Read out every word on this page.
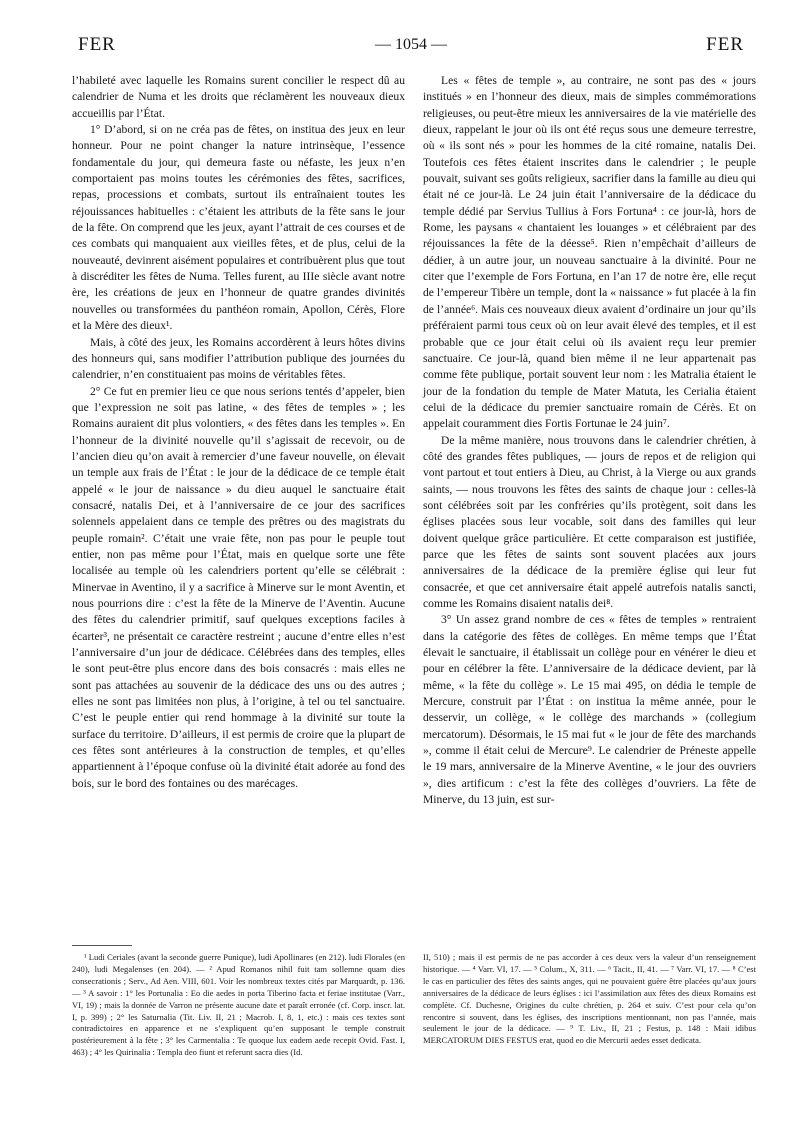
FER	— 1054 —	FER

l’habileté avec laquelle les Romains surent concilier le respect dû au calendrier de Numa et les droits que réclamèrent les nouveaux dieux accueillis par l’État.

1° D’abord, si on ne créa pas de fêtes, on institua des jeux en leur honneur. Pour ne point changer la nature intrinsèque, l’essence fondamentale du jour, qui demeura faste ou néfaste, les jeux n’en comportaient pas moins toutes les cérémonies des fêtes, sacrifices, repas, processions et combats, surtout ils entraînaient toutes les réjouissances habituelles : c’étaient les attributs de la fête sans le jour de la fête. On comprend que les jeux, ayant l’attrait de ces courses et de ces combats qui manquaient aux vieilles fêtes, et de plus, celui de la nouveauté, devinrent aisément populaires et contribuèrent plus que tout à discréditer les fêtes de Numa. Telles furent, au IIIe siècle avant notre ère, les créations de jeux en l’honneur de quatre grandes divinités nouvelles ou transformées du panthéon romain, Apollon, Cérès, Flore et la Mère des dieux¹.

Mais, à côté des jeux, les Romains accordèrent à leurs hôtes divins des honneurs qui, sans modifier l’attribution publique des journées du calendrier, n’en constituaient pas moins de véritables fêtes.

2° Ce fut en premier lieu ce que nous serions tentés d’appeler, bien que l’expression ne soit pas latine, « des fêtes de temples » ; les Romains auraient dit plus volontiers, « des fêtes dans les temples ». En l’honneur de la divinité nouvelle qu’il s’agissait de recevoir, ou de l’ancien dieu qu’on avait à remercier d’une faveur nouvelle, on élevait un temple aux frais de l’État : le jour de la dédicace de ce temple était appelé « le jour de naissance » du dieu auquel le sanctuaire était consacré, natalis Dei, et à l’anniversaire de ce jour des sacrifices solennels appelaient dans ce temple des prêtres ou des magistrats du peuple romain². C’était une vraie fête, non pas pour le peuple tout entier, non pas même pour l’État, mais en quelque sorte une fête localisée au temple où les calendriers portent qu’elle se célébrait : Minervae in Aventino, il y a sacrifice à Minerve sur le mont Aventin, et nous pourrions dire : c’est la fête de la Minerve de l’Aventin. Aucune des fêtes du calendrier primitif, sauf quelques exceptions faciles à écarter³, ne présentait ce caractère restreint ; aucune d’entre elles n’est l’anniversaire d’un jour de dédicace. Célébrées dans des temples, elles le sont peut-être plus encore dans des bois consacrés : mais elles ne sont pas attachées au souvenir de la dédicace des uns ou des autres ; elles ne sont pas limitées non plus, à l’origine, à tel ou tel sanctuaire. C’est le peuple entier qui rend hommage à la divinité sur toute la surface du territoire. D’ailleurs, il est permis de croire que la plupart de ces fêtes sont antérieures à la construction de temples, et qu’elles appartiennent à l’époque confuse où la divinité était adorée au fond des bois, sur le bord des fontaines ou des marécages.

Les « fêtes de temple », au contraire, ne sont pas des « jours institués » en l’honneur des dieux, mais de simples commémorations religieuses, ou peut-être mieux les anniversaires de la vie matérielle des dieux, rappelant le jour où ils ont été reçus sous une demeure terrestre, où « ils sont nés » pour les hommes de la cité romaine, natalis Dei. Toutefois ces fêtes étaient inscrites dans le calendrier ; le peuple pouvait, suivant ses goûts religieux, sacrifier dans la famille au dieu qui était né ce jour-là. Le 24 juin était l’anniversaire de la dédicace du temple dédié par Servius Tullius à Fors Fortuna⁴ : ce jour-là, hors de Rome, les paysans « chantaient les louanges » et célébraient par des réjouissances la fête de la déesse⁵. Rien n’empêchait d’ailleurs de dédier, à un autre jour, un nouveau sanctuaire à la divinité. Pour ne citer que l’exemple de Fors Fortuna, en l’an 17 de notre ère, elle reçut de l’empereur Tibère un temple, dont la « naissance » fut placée à la fin de l’année⁶. Mais ces nouveaux dieux avaient d’ordinaire un jour qu’ils préféraient parmi tous ceux où on leur avait élevé des temples, et il est probable que ce jour était celui où ils avaient reçu leur premier sanctuaire. Ce jour-là, quand bien même il ne leur appartenait pas comme fête publique, portait souvent leur nom : les Matralia étaient le jour de la fondation du temple de Mater Matuta, les Cerialia étaient celui de la dédicace du premier sanctuaire romain de Cérès. Et on appelait couramment dies Fortis Fortunae le 24 juin⁷.

De la même manière, nous trouvons dans le calendrier chrétien, à côté des grandes fêtes publiques, — jours de repos et de religion qui vont partout et tout entiers à Dieu, au Christ, à la Vierge ou aux grands saints, — nous trouvons les fêtes des saints de chaque jour : celles-là sont célébrées soit par les confréries qu’ils protègent, soit dans les églises placées sous leur vocable, soit dans des familles qui leur doivent quelque grâce particulière. Et cette comparaison est justifiée, parce que les fêtes de saints sont souvent placées aux jours anniversaires de la dédicace de la première église qui leur fut consacrée, et que cet anniversaire était appelé autrefois natalis sancti, comme les Romains disaient natalis dei⁸.

3° Un assez grand nombre de ces « fêtes de temples » rentraient dans la catégorie des fêtes de collèges. En même temps que l’État élevait le sanctuaire, il établissait un collège pour en vénérer le dieu et pour en célébrer la fête. L’anniversaire de la dédicace devient, par là même, « la fête du collège ». Le 15 mai 495, on dédia le temple de Mercure, construit par l’État : on institua la même année, pour le desservir, un collège, « le collège des marchands » (collegium mercatorum). Désormais, le 15 mai fut « le jour de fête des marchands », comme il était celui de Mercure⁹. Le calendrier de Préneste appelle le 19 mars, anniversaire de la Minerve Aventine, « le jour des ouvriers », dies artificum : c’est la fête des collèges d’ouvriers. La fête de Minerve, du 13 juin, est sur-

¹ Ludi Ceriales (avant la seconde guerre Punique), ludi Apollinares (en 212). ludi Florales (en 240), ludi Megalenses (en 204). — ² Apud Romanos nihil fuit tam sollemne quam dies consecrationis ; Serv., Ad Aen. VIII, 601. Voir les nombreux textes cités par Marquardt, p. 136. — ³ A savoir : 1° les Portunalia : Eo die aedes in porta Tiberino facta et feriae institutae (Varr., VI, 19) ; mais la donnée de Varron ne présente aucune date et paraît erronée (cf. Corp. inscr. lat. I, p. 399) ; 2° les Saturnalia (Tit. Liv. II, 21 ; Macrob. I, 8, 1, etc.) : mais ces textes sont contradictoires en apparence et ne s’expliquent qu’en supposant le temple construit postérieurement à la fête ; 3° les Carmentalia : Te quoque lux eadem aede recepit Ovid. Fast. I, 463) ; 4° les Quirinalia : Templa deo fiunt et referunt sacra dies (Id.

II, 510) ; mais il est permis de ne pas accorder à ces deux vers la valeur d’un renseignement historique. — ⁴ Varr. VI, 17. — ⁵ Colum., X, 311. — ⁶ Tacit., II, 41. — ⁷ Varr. VI, 17. — ⁸ C’est le cas en particulier des fêtes des saints anges, qui ne pouvaient guère être placées qu’aux jours anniversaires de la dédicace de leurs églises : ici l’assimilation aux fêtes des dieux Romains est complète. Cf. Duchesne, Origines du culte chrétien, p. 264 et suiv. C’est pour cela qu’on rencontre si souvent, dans les églises, des inscriptions mentionnant, non pas l’année, mais seulement le jour de la dédicace. — ⁹ T. Liv., II, 21 ; Festus, p. 148 : Maii idibus MERCATORUM DIES FESTUS erat, quod eo die Mercurii aedes esset dedicata.
